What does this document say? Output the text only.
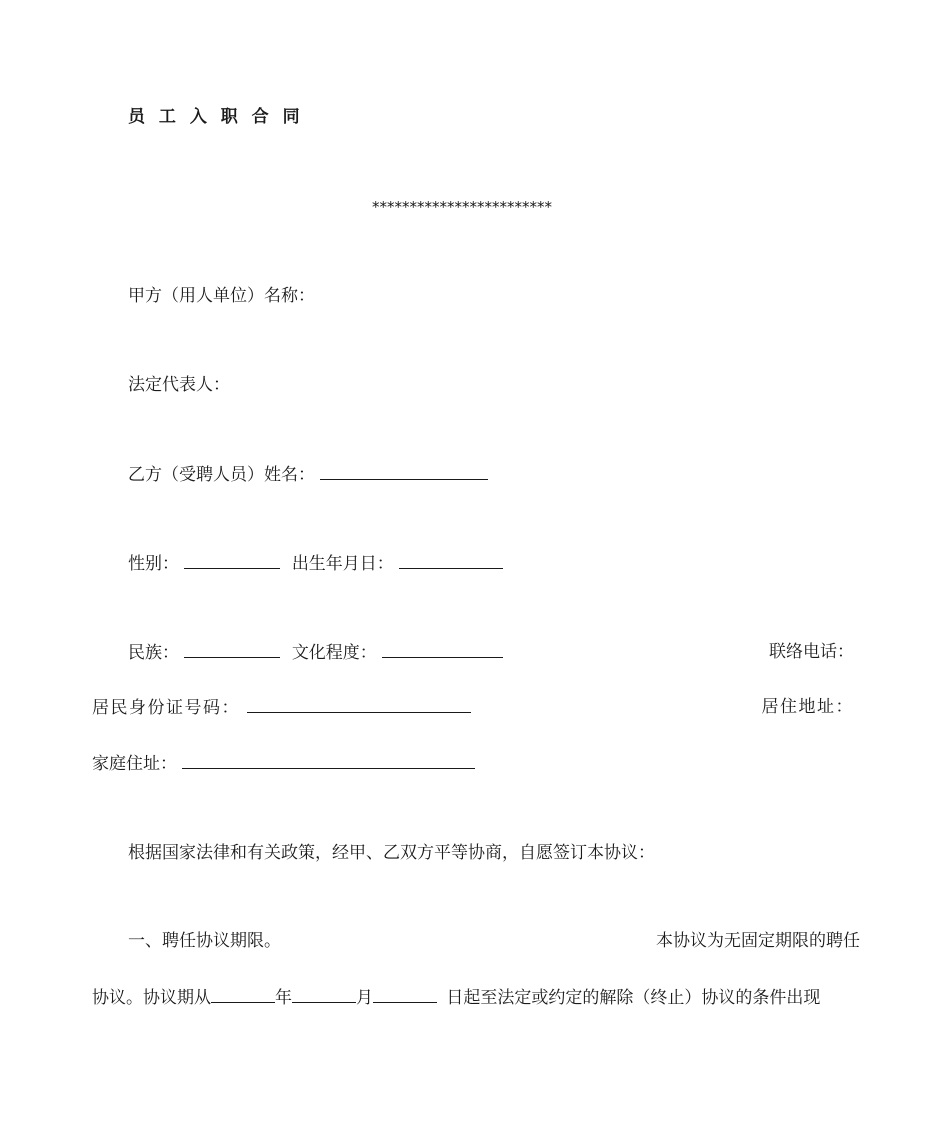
员 工 入 职 合 同
************************
甲方（用人单位）名称：
法定代表人：
乙方（受聘人员）姓名：
性别：	出生年月日：
民族：	文化程度：	联络电话：
居民身份证号码：	居住地址：
家庭住址：
根据国家法律和有关政策，经甲、乙双方平等协商，自愿签订本协议：
一、聘任协议期限。	本协议为无固定期限的聘任
协议。协议期从	年	月	日起至法定或约定的解除（终止）协议的条件出现
